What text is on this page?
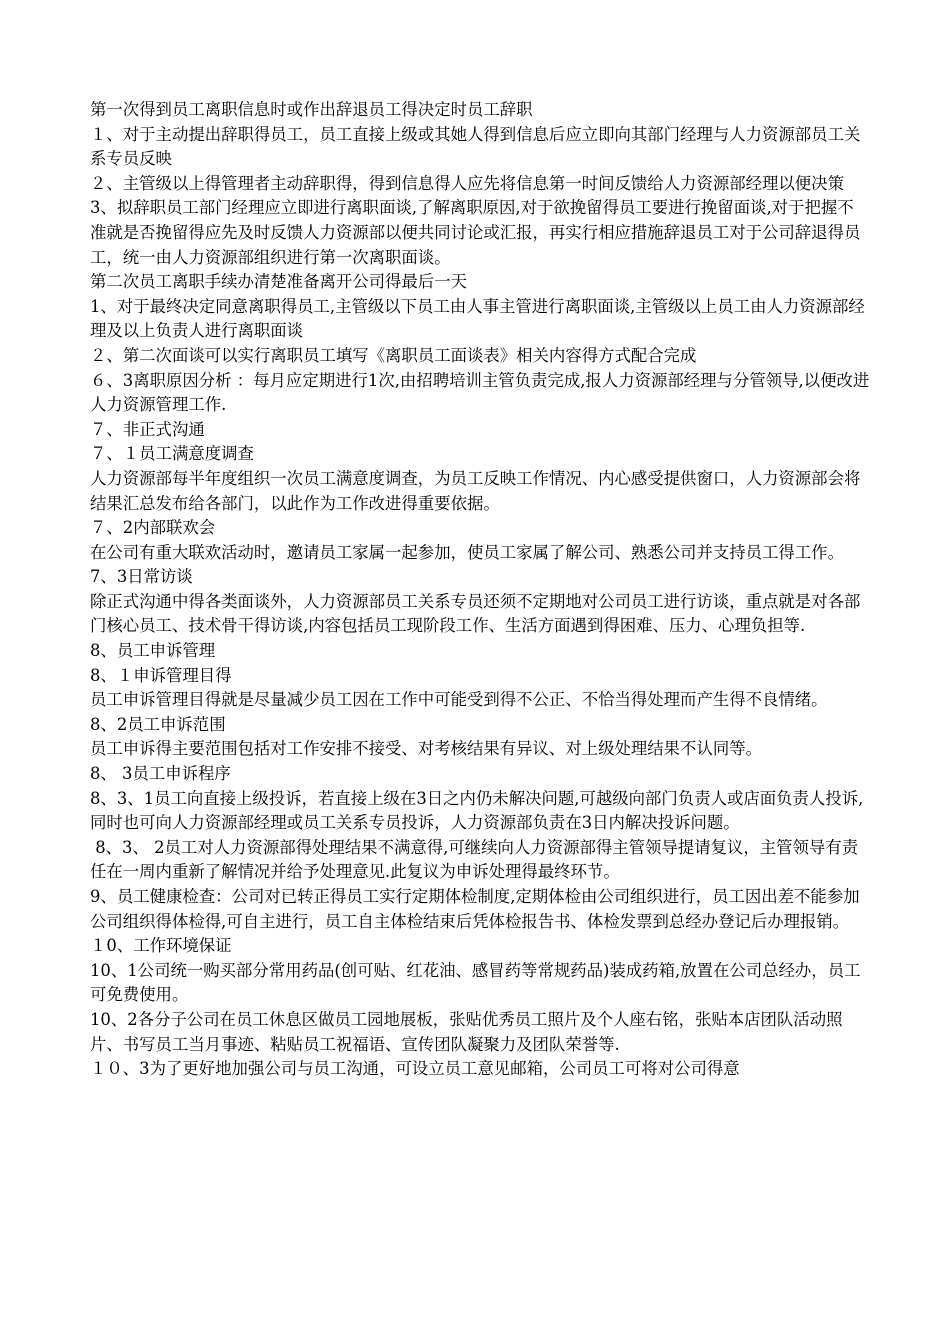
第一次得到员工离职信息时或作出辞退员工得决定时员工辞职

１、对于主动提出辞职得员工，员工直接上级或其她人得到信息后应立即向其部门经理与人力资源部员工关系专员反映

２、主管级以上得管理者主动辞职得，得到信息得人应先将信息第一时间反馈给人力资源部经理以便决策

3、拟辞职员工部门经理应立即进行离职面谈,了解离职原因,对于欲挽留得员工要进行挽留面谈,对于把握不准就是否挽留得应先及时反馈人力资源部以便共同讨论或汇报，再实行相应措施辞退员工对于公司辞退得员工，统一由人力资源部组织进行第一次离职面谈。

第二次员工离职手续办清楚准备离开公司得最后一天

1、对于最终决定同意离职得员工,主管级以下员工由人事主管进行离职面谈,主管级以上员工由人力资源部经理及以上负责人进行离职面谈

２、第二次面谈可以实行离职员工填写《离职员工面谈表》相关内容得方式配合完成

６、3离职原因分析 ：每月应定期进行1次,由招聘培训主管负责完成,报人力资源部经理与分管领导,以便改进人力资源管理工作.

７、非正式沟通

７、１员工满意度调查

人力资源部每半年度组织一次员工满意度调查，为员工反映工作情况、内心感受提供窗口，人力资源部会将结果汇总发布给各部门，以此作为工作改进得重要依据。

７、2内部联欢会

在公司有重大联欢活动时，邀请员工家属一起参加，使员工家属了解公司、熟悉公司并支持员工得工作。

7、3日常访谈

除正式沟通中得各类面谈外，人力资源部员工关系专员还须不定期地对公司员工进行访谈，重点就是对各部门核心员工、技术骨干得访谈,内容包括员工现阶段工作、生活方面遇到得困难、压力、心理负担等.

8、员工申诉管理

8、１申诉管理目得

员工申诉管理目得就是尽量减少员工因在工作中可能受到得不公正、不恰当得处理而产生得不良情绪。

8、2员工申诉范围

员工申诉得主要范围包括对工作安排不接受、对考核结果有异议、对上级处理结果不认同等。

8、 3员工申诉程序

8、3、1员工向直接上级投诉，若直接上级在3日之内仍未解决问题,可越级向部门负责人或店面负责人投诉,同时也可向人力资源部经理或员工关系专员投诉，人力资源部负责在3日内解决投诉问题。

8、3、 2员工对人力资源部得处理结果不满意得,可继续向人力资源部得主管领导提请复议，主管领导有责任在一周内重新了解情况并给予处理意见.此复议为申诉处理得最终环节。

9、员工健康检查：公司对已转正得员工实行定期体检制度,定期体检由公司组织进行，员工因出差不能参加公司组织得体检得,可自主进行，员工自主体检结束后凭体检报告书、体检发票到总经办登记后办理报销。

１0、工作环境保证

10、1公司统一购买部分常用药品(创可贴、红花油、感冒药等常规药品)装成药箱,放置在公司总经办，员工可免费使用。

10、2各分子公司在员工休息区做员工园地展板，张贴优秀员工照片及个人座右铭，张贴本店团队活动照片、书写员工当月事迹、粘贴员工祝福语、宣传团队凝聚力及团队荣誉等.

１０、3为了更好地加强公司与员工沟通，可设立员工意见邮箱，公司员工可将对公司得意
